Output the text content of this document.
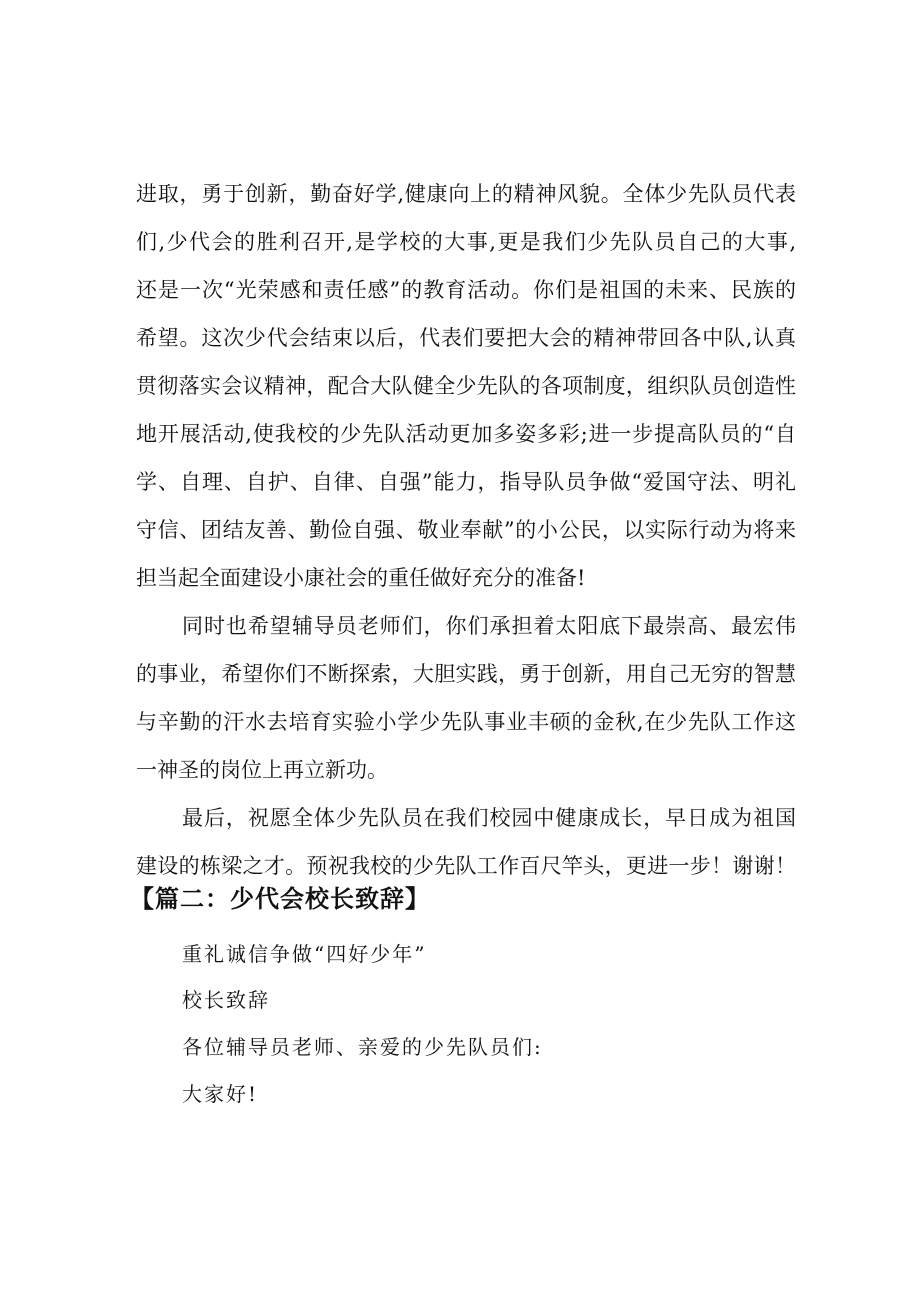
进取，勇于创新，勤奋好学,健康向上的精神风貌。全体少先队员代表
们,少代会的胜利召开,是学校的大事,更是我们少先队员自己的大事,
还是一次“光荣感和责任感”的教育活动。你们是祖国的未来、民族的
希望。这次少代会结束以后，代表们要把大会的精神带回各中队,认真
贯彻落实会议精神，配合大队健全少先队的各项制度，组织队员创造性
地开展活动,使我校的少先队活动更加多姿多彩;进一步提高队员的“自
学、自理、自护、自律、自强”能力，指导队员争做“爱国守法、明礼
守信、团结友善、勤俭自强、敬业奉献”的小公民，以实际行动为将来
担当起全面建设小康社会的重任做好充分的准备!
同时也希望辅导员老师们，你们承担着太阳底下最崇高、最宏伟
的事业，希望你们不断探索，大胆实践，勇于创新，用自己无穷的智慧
与辛勤的汗水去培育实验小学少先队事业丰硕的金秋,在少先队工作这
一神圣的岗位上再立新功。
最后，祝愿全体少先队员在我们校园中健康成长，早日成为祖国
建设的栋梁之才。预祝我校的少先队工作百尺竿头，更进一步！谢谢！
【篇二：少代会校长致辞】
重礼诚信争做“四好少年”
校长致辞
各位辅导员老师、亲爱的少先队员们:
大家好!
